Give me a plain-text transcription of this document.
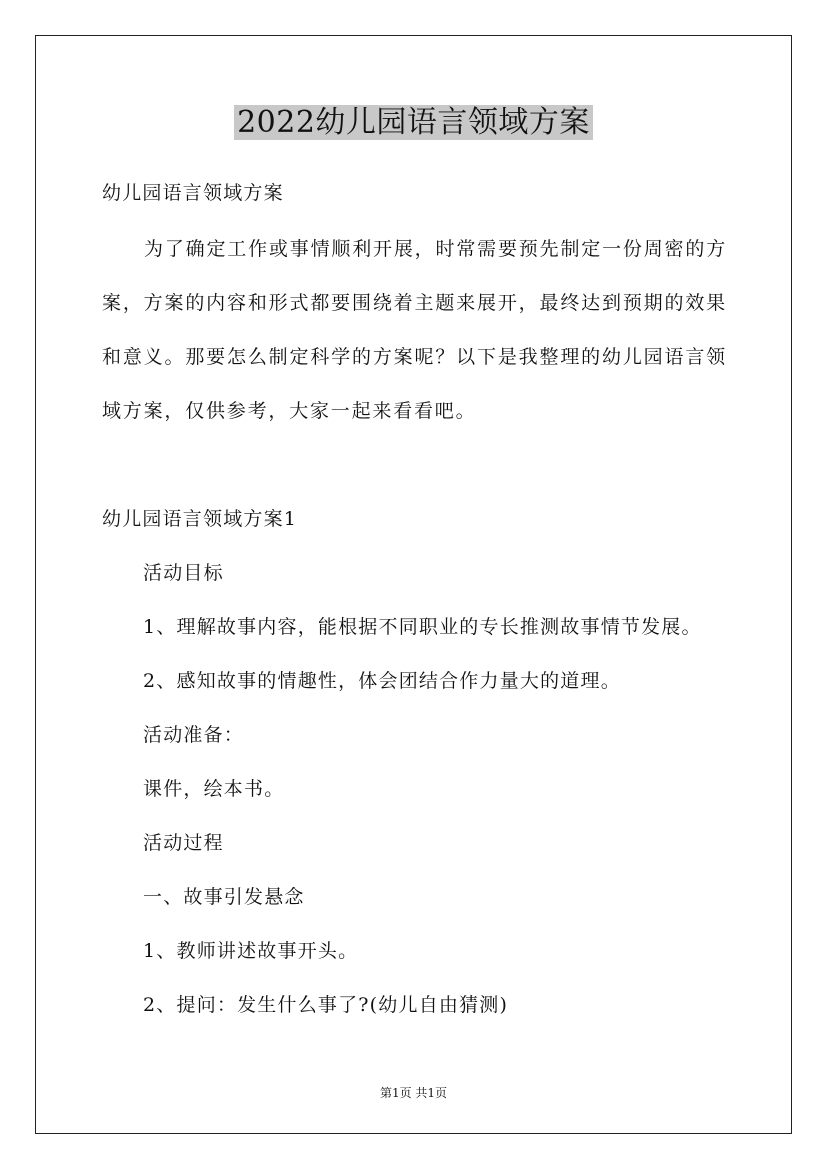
2022幼儿园语言领域方案

幼儿园语言领域方案

为了确定工作或事情顺利开展，时常需要预先制定一份周密的方案，方案的内容和形式都要围绕着主题来展开，最终达到预期的效果和意义。那要怎么制定科学的方案呢？以下是我整理的幼儿园语言领域方案，仅供参考，大家一起来看看吧。

幼儿园语言领域方案1

活动目标

1、理解故事内容，能根据不同职业的专长推测故事情节发展。

2、感知故事的情趣性，体会团结合作力量大的道理。

活动准备：

课件，绘本书。

活动过程

一、故事引发悬念

1、教师讲述故事开头。

2、提问：发生什么事了?(幼儿自由猜测)

第1页 共1页
